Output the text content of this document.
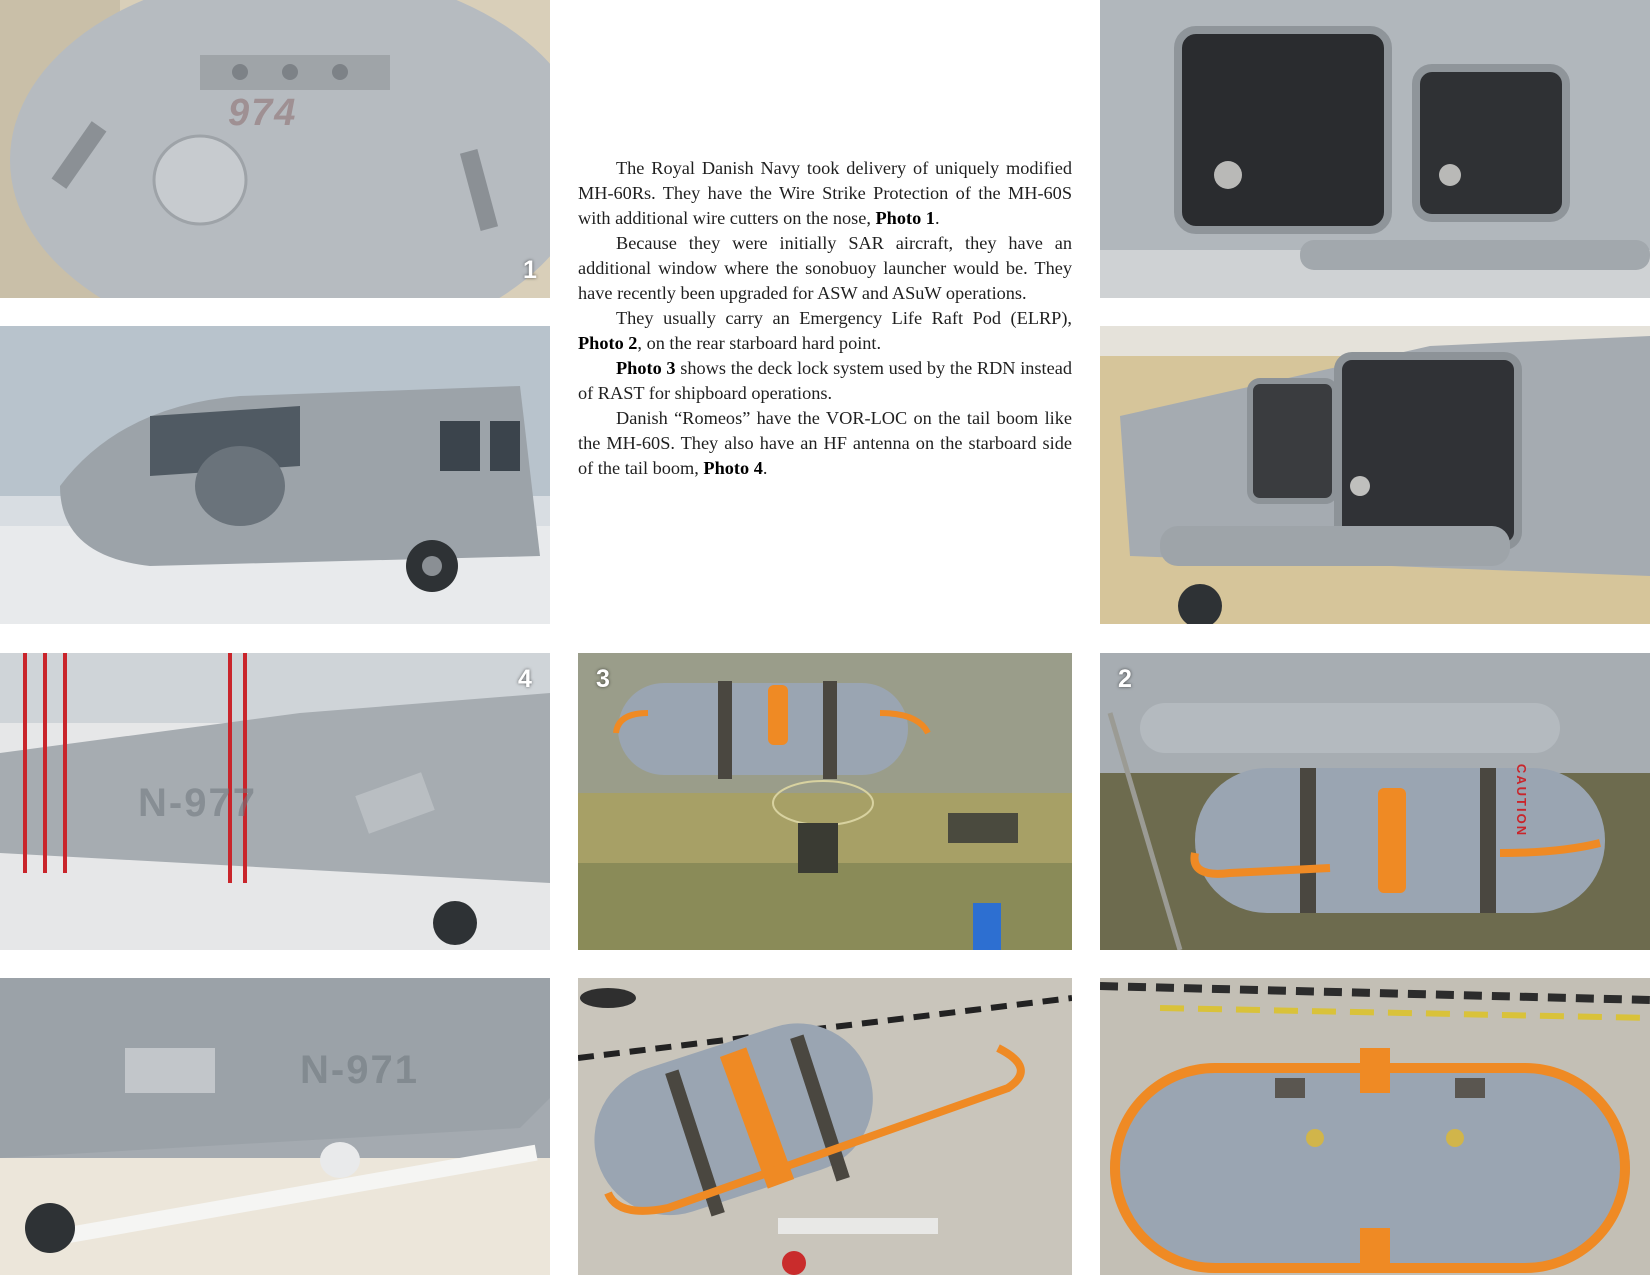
974
1
N-977
4
N-971
3
CAUTION
2

The Royal Danish Navy took delivery of uniquely modified MH-60Rs. They have the Wire Strike Protection of the MH-60S with additional wire cutters on the nose, Photo 1.

Because they were initially SAR aircraft, they have an additional window where the sonobuoy launcher would be. They have recently been upgraded for ASW and ASuW operations.

They usually carry an Emergency Life Raft Pod (ELRP), Photo 2, on the rear starboard hard point.

Photo 3 shows the deck lock system used by the RDN instead of RAST for shipboard operations.

Danish “Romeos” have the VOR-LOC on the tail boom like the MH-60S. They also have an HF antenna on the starboard side of the tail boom, Photo 4.
